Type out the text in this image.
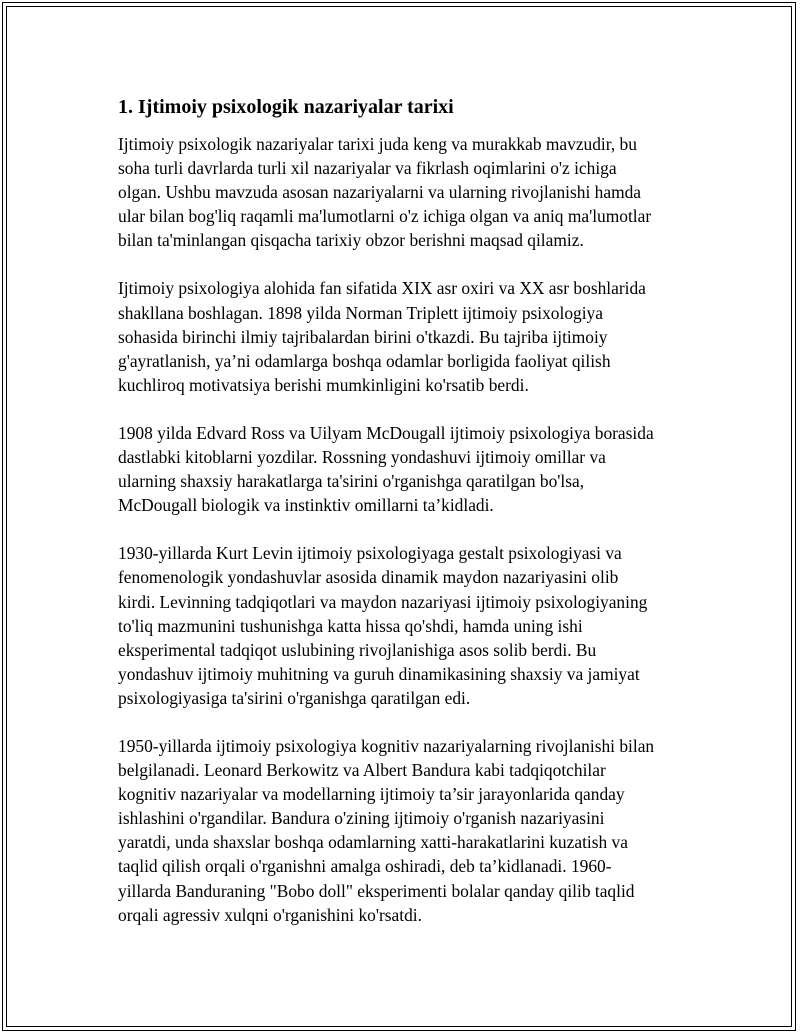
1. Ijtimoiy psixologik nazariyalar tarixi

Ijtimoiy psixologik nazariyalar tarixi juda keng va murakkab mavzudir, bu
soha turli davrlarda turli xil nazariyalar va fikrlash oqimlarini o'z ichiga
olgan. Ushbu mavzuda asosan nazariyalarni va ularning rivojlanishi hamda
ular bilan bog'liq raqamli ma'lumotlarni o'z ichiga olgan va aniq ma'lumotlar
bilan ta'minlangan qisqacha tarixiy obzor berishni maqsad qilamiz.

Ijtimoiy psixologiya alohida fan sifatida XIX asr oxiri va XX asr boshlarida
shakllana boshlagan. 1898 yilda Norman Triplett ijtimoiy psixologiya
sohasida birinchi ilmiy tajribalardan birini o'tkazdi. Bu tajriba ijtimoiy
g'ayratlanish, ya’ni odamlarga boshqa odamlar borligida faoliyat qilish
kuchliroq motivatsiya berishi mumkinligini ko'rsatib berdi.

1908 yilda Edvard Ross va Uilyam McDougall ijtimoiy psixologiya borasida
dastlabki kitoblarni yozdilar. Rossning yondashuvi ijtimoiy omillar va
ularning shaxsiy harakatlarga ta'sirini o'rganishga qaratilgan bo'lsa,
McDougall biologik va instinktiv omillarni ta’kidladi.

1930-yillarda Kurt Levin ijtimoiy psixologiyaga gestalt psixologiyasi va
fenomenologik yondashuvlar asosida dinamik maydon nazariyasini olib
kirdi. Levinning tadqiqotlari va maydon nazariyasi ijtimoiy psixologiyaning
to'liq mazmunini tushunishga katta hissa qo'shdi, hamda uning ishi
eksperimental tadqiqot uslubining rivojlanishiga asos solib berdi. Bu
yondashuv ijtimoiy muhitning va guruh dinamikasining shaxsiy va jamiyat
psixologiyasiga ta'sirini o'rganishga qaratilgan edi.

1950-yillarda ijtimoiy psixologiya kognitiv nazariyalarning rivojlanishi bilan
belgilanadi. Leonard Berkowitz va Albert Bandura kabi tadqiqotchilar
kognitiv nazariyalar va modellarning ijtimoiy ta’sir jarayonlarida qanday
ishlashini o'rgandilar. Bandura o'zining ijtimoiy o'rganish nazariyasini
yaratdi, unda shaxslar boshqa odamlarning xatti-harakatlarini kuzatish va
taqlid qilish orqali o'rganishni amalga oshiradi, deb ta’kidlanadi. 1960-
yillarda Banduraning "Bobo doll" eksperimenti bolalar qanday qilib taqlid
orqali agressiv xulqni o'rganishini ko'rsatdi.
